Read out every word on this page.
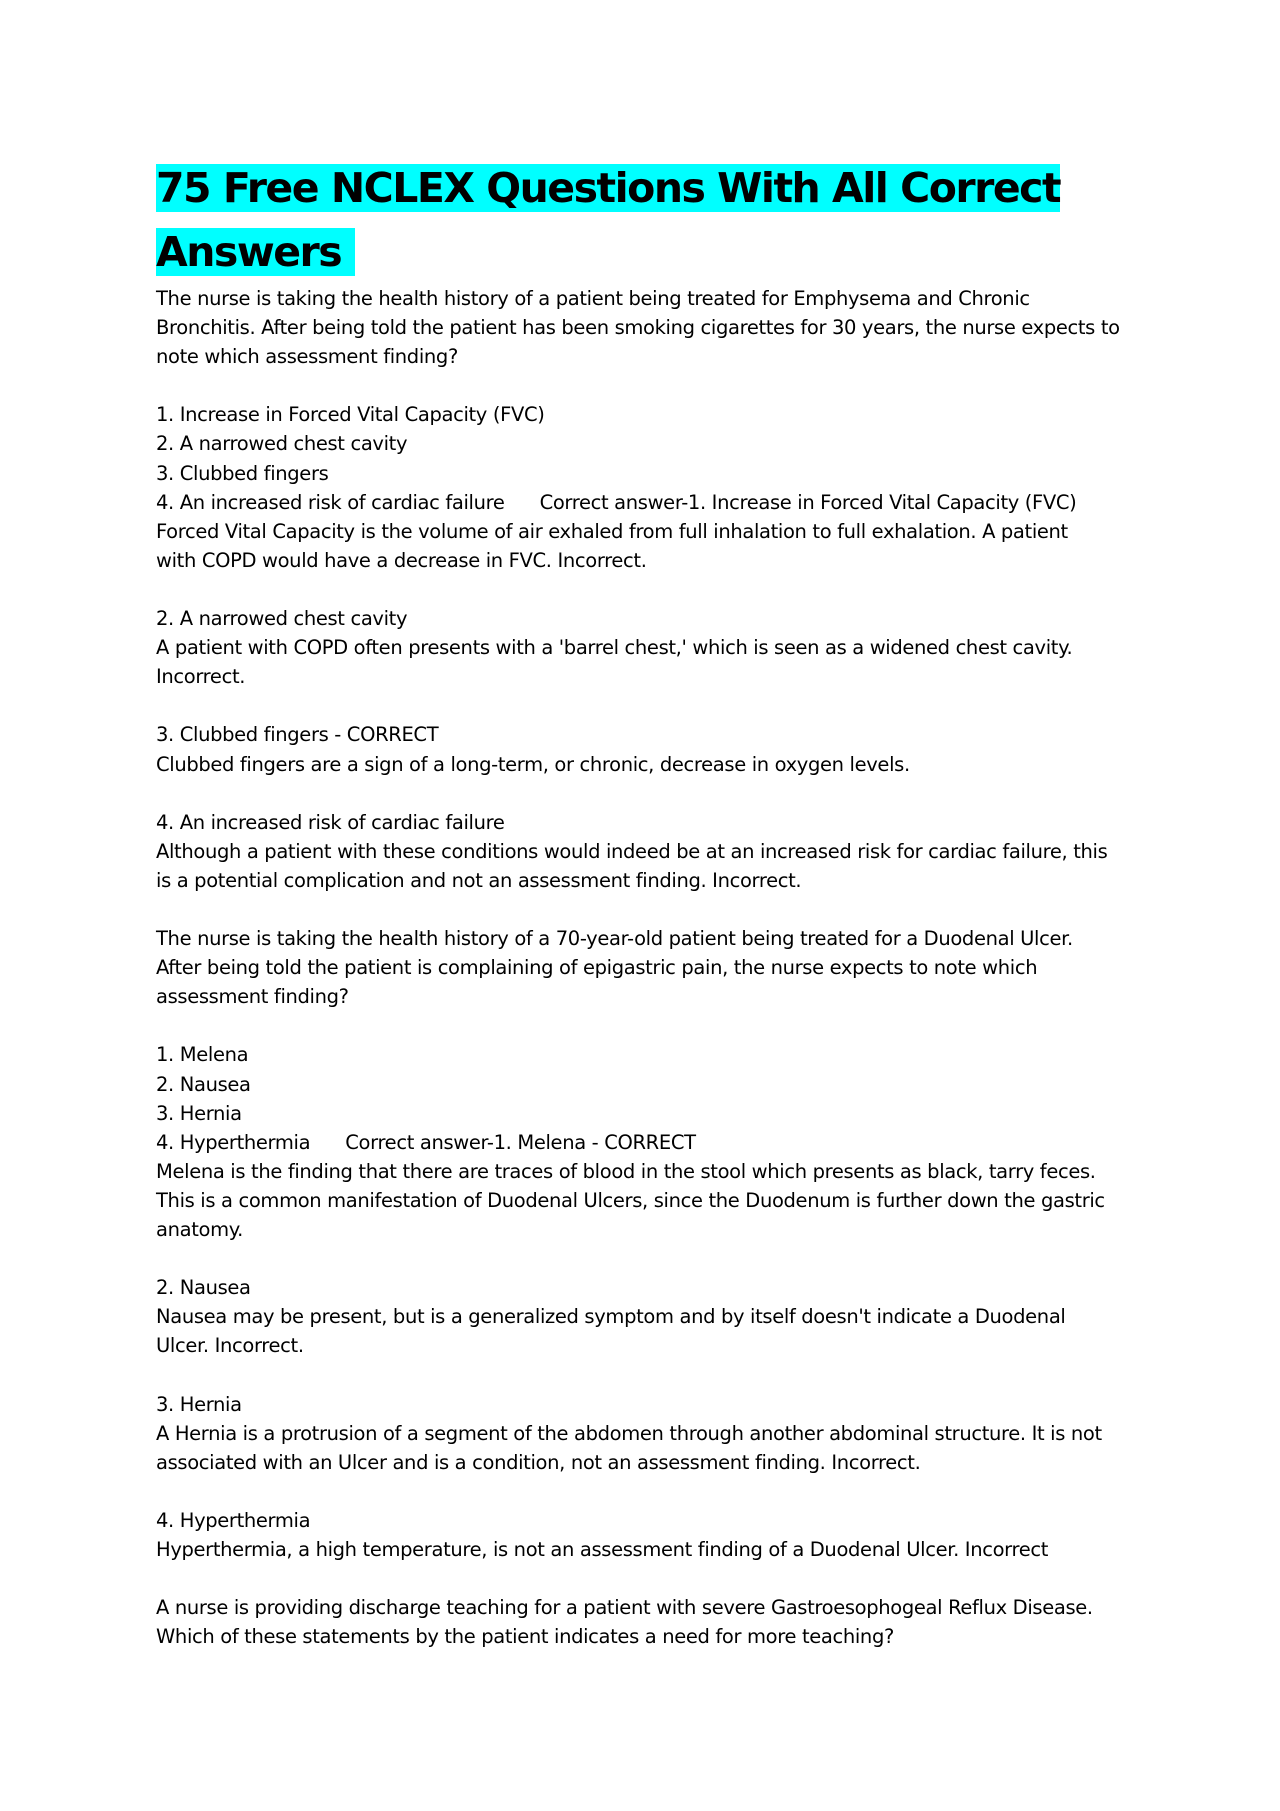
75 Free NCLEX Questions With All Correct Answers
The nurse is taking the health history of a patient being treated for Emphysema and Chronic
Bronchitis. After being told the patient has been smoking cigarettes for 30 years, the nurse expects to
note which assessment finding?

1. Increase in Forced Vital Capacity (FVC)
2. A narrowed chest cavity
3. Clubbed fingers
4. An increased risk of cardiac failure      Correct answer-1. Increase in Forced Vital Capacity (FVC)
Forced Vital Capacity is the volume of air exhaled from full inhalation to full exhalation. A patient
with COPD would have a decrease in FVC. Incorrect.

2. A narrowed chest cavity
A patient with COPD often presents with a 'barrel chest,' which is seen as a widened chest cavity.
Incorrect.

3. Clubbed fingers - CORRECT
Clubbed fingers are a sign of a long-term, or chronic, decrease in oxygen levels.

4. An increased risk of cardiac failure
Although a patient with these conditions would indeed be at an increased risk for cardiac failure, this
is a potential complication and not an assessment finding. Incorrect.

The nurse is taking the health history of a 70-year-old patient being treated for a Duodenal Ulcer.
After being told the patient is complaining of epigastric pain, the nurse expects to note which
assessment finding?

1. Melena
2. Nausea
3. Hernia
4. Hyperthermia      Correct answer-1. Melena - CORRECT
Melena is the finding that there are traces of blood in the stool which presents as black, tarry feces.
This is a common manifestation of Duodenal Ulcers, since the Duodenum is further down the gastric
anatomy.

2. Nausea
Nausea may be present, but is a generalized symptom and by itself doesn't indicate a Duodenal
Ulcer. Incorrect.

3. Hernia
A Hernia is a protrusion of a segment of the abdomen through another abdominal structure. It is not
associated with an Ulcer and is a condition, not an assessment finding. Incorrect.

4. Hyperthermia
Hyperthermia, a high temperature, is not an assessment finding of a Duodenal Ulcer. Incorrect

A nurse is providing discharge teaching for a patient with severe Gastroesophogeal Reflux Disease.
Which of these statements by the patient indicates a need for more teaching?
